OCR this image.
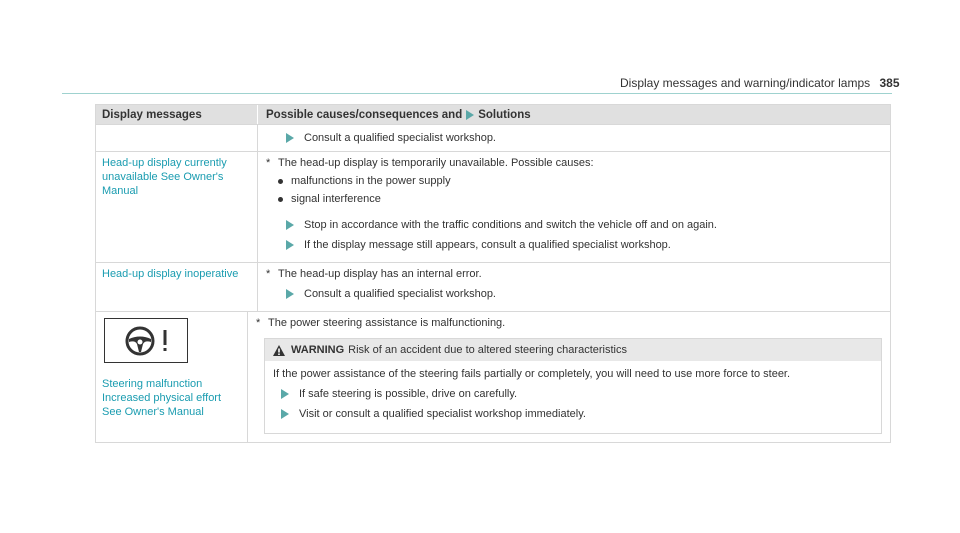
Display messages and warning/indicator lamps 385
Display messages	Possible causes/consequences and Solutions
Consult a qualified specialist workshop.
Head-up display currently unavailable See Owner's Manual
* The head-up display is temporarily unavailable. Possible causes:
malfunctions in the power supply
signal interference
Stop in accordance with the traffic conditions and switch the vehicle off and on again.
If the display message still appears, consult a qualified specialist workshop.
Head-up display inoperative	* The head-up display has an internal error.
Consult a qualified specialist workshop.
Steering malfunction
Increased physical effort
See Owner's Manual
* The power steering assistance is malfunctioning.
WARNING Risk of an accident due to altered steering characteristics
If the power assistance of the steering fails partially or completely, you will need to use more force to steer.
If safe steering is possible, drive on carefully.
Visit or consult a qualified specialist workshop immediately.
